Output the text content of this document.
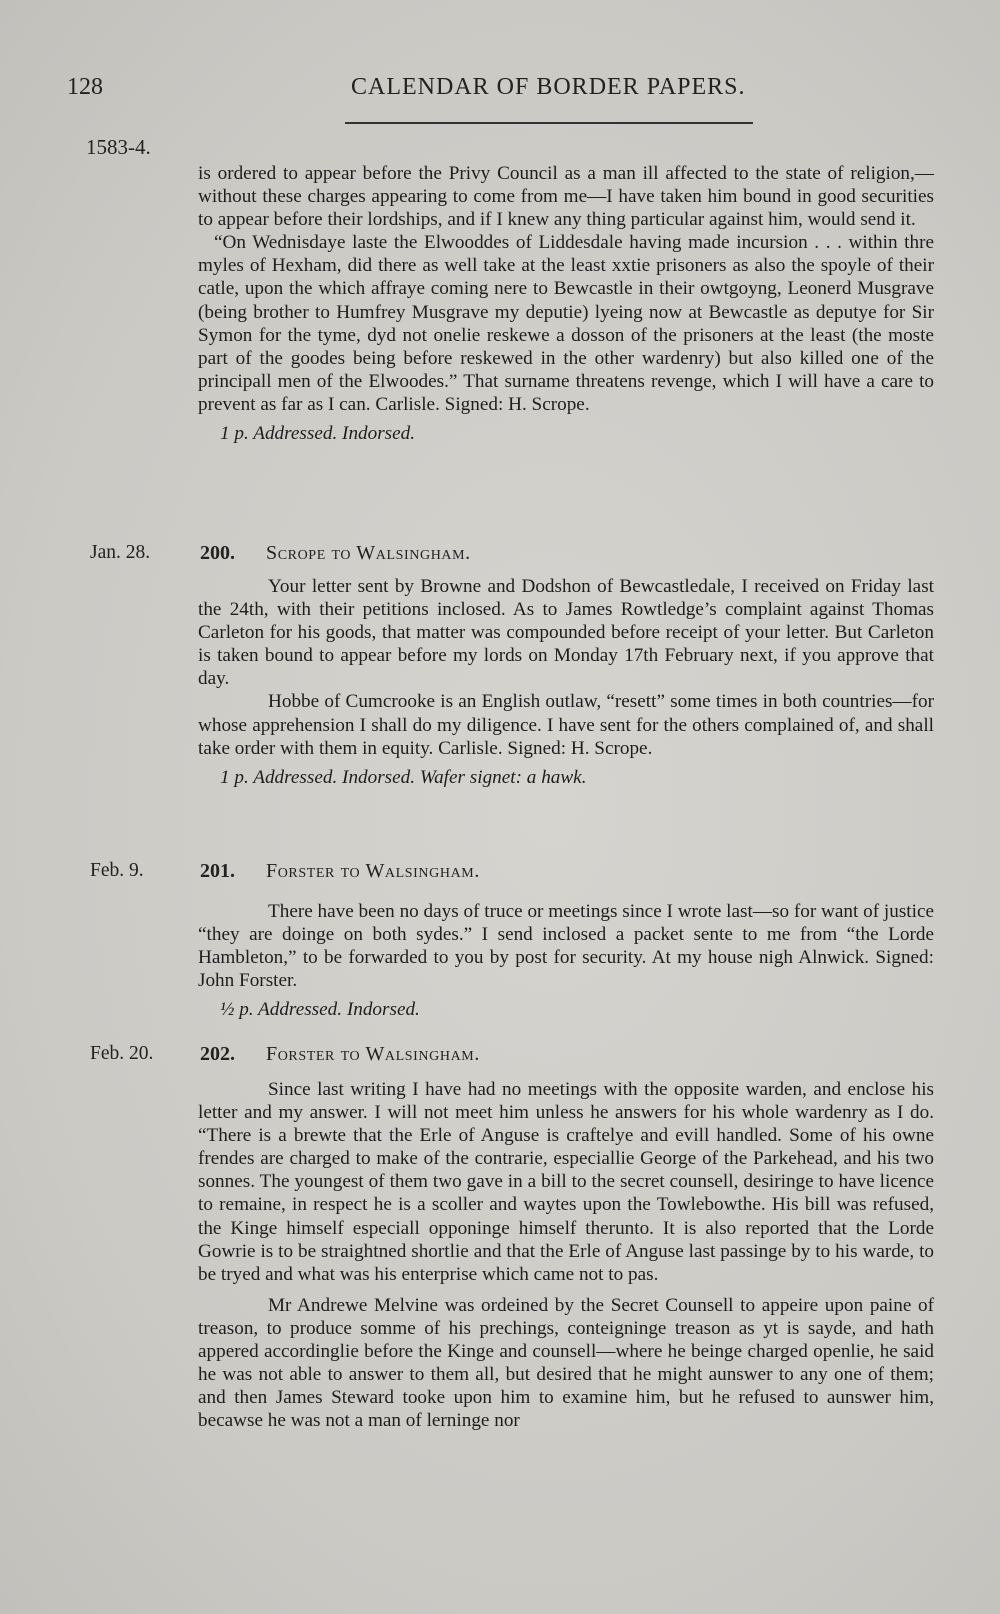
128	CALENDAR OF BORDER PAPERS.
1583-4.

is ordered to appear before the Privy Council as a man ill affected to the state of religion,—without these charges appearing to come from me—I have taken him bound in good securities to appear before their lordships, and if I knew any thing particular against him, would send it.

“On Wednisdaye laste the Elwooddes of Liddesdale having made incursion . . . within thre myles of Hexham, did there as well take at the least xxtie prisoners as also the spoyle of their catle, upon the which affraye coming nere to Bewcastle in their owtgoyng, Leonerd Musgrave (being brother to Humfrey Musgrave my deputie) lyeing now at Bewcastle as deputye for Sir Symon for the tyme, dyd not onelie reskewe a dosson of the prisoners at the least (the moste part of the goodes being before reskewed in the other wardenry) but also killed one of the principall men of the Elwoodes.” That surname threatens revenge, which I will have a care to prevent as far as I can. Carlisle. Signed: H. Scrope.

1 p. Addressed. Indorsed.

Jan. 28. 200. Scrope to Walsingham.

Your letter sent by Browne and Dodshon of Bewcastledale, I received on Friday last the 24th, with their petitions inclosed. As to James Rowtledge’s complaint against Thomas Carleton for his goods, that matter was compounded before receipt of your letter. But Carleton is taken bound to appear before my lords on Monday 17th February next, if you approve that day.

Hobbe of Cumcrooke is an English outlaw, “resett” some times in both countries—for whose apprehension I shall do my diligence. I have sent for the others complained of, and shall take order with them in equity. Carlisle. Signed: H. Scrope.

1 p. Addressed. Indorsed. Wafer signet: a hawk.

Feb. 9.	201. Forster to Walsingham.

There have been no days of truce or meetings since I wrote last—so for want of justice “they are doinge on both sydes.” I send inclosed a packet sente to me from “the Lorde Hambleton,” to be forwarded to you by post for security. At my house nigh Alnwick. Signed: John Forster.

½ p. Addressed. Indorsed.

Feb. 20. 202. Forster to Walsingham.

Since last writing I have had no meetings with the opposite warden, and enclose his letter and my answer. I will not meet him unless he answers for his whole wardenry as I do. “There is a brewte that the Erle of Anguse is craftelye and evill handled. Some of his owne frendes are charged to make of the contrarie, especiallie George of the Parkehead, and his two sonnes. The youngest of them two gave in a bill to the secret counsell, desiringe to have licence to remaine, in respect he is a scoller and waytes upon the Towlebowthe. His bill was refused, the Kinge himself especiall opponinge himself therunto. It is also reported that the Lorde Gowrie is to be straightned shortlie and that the Erle of Anguse last passinge by to his warde, to be tryed and what was his enterprise which came not to pas.

Mr Andrewe Melvine was ordeined by the Secret Counsell to appeire upon paine of treason, to produce somme of his prechings, conteigninge treason as yt is sayde, and hath appered accordinglie before the Kinge and counsell—where he beinge charged openlie, he said he was not able to answer to them all, but desired that he might aunswer to any one of them; and then James Steward tooke upon him to examine him, but he refused to aunswer him, becawse he was not a man of lerninge nor
